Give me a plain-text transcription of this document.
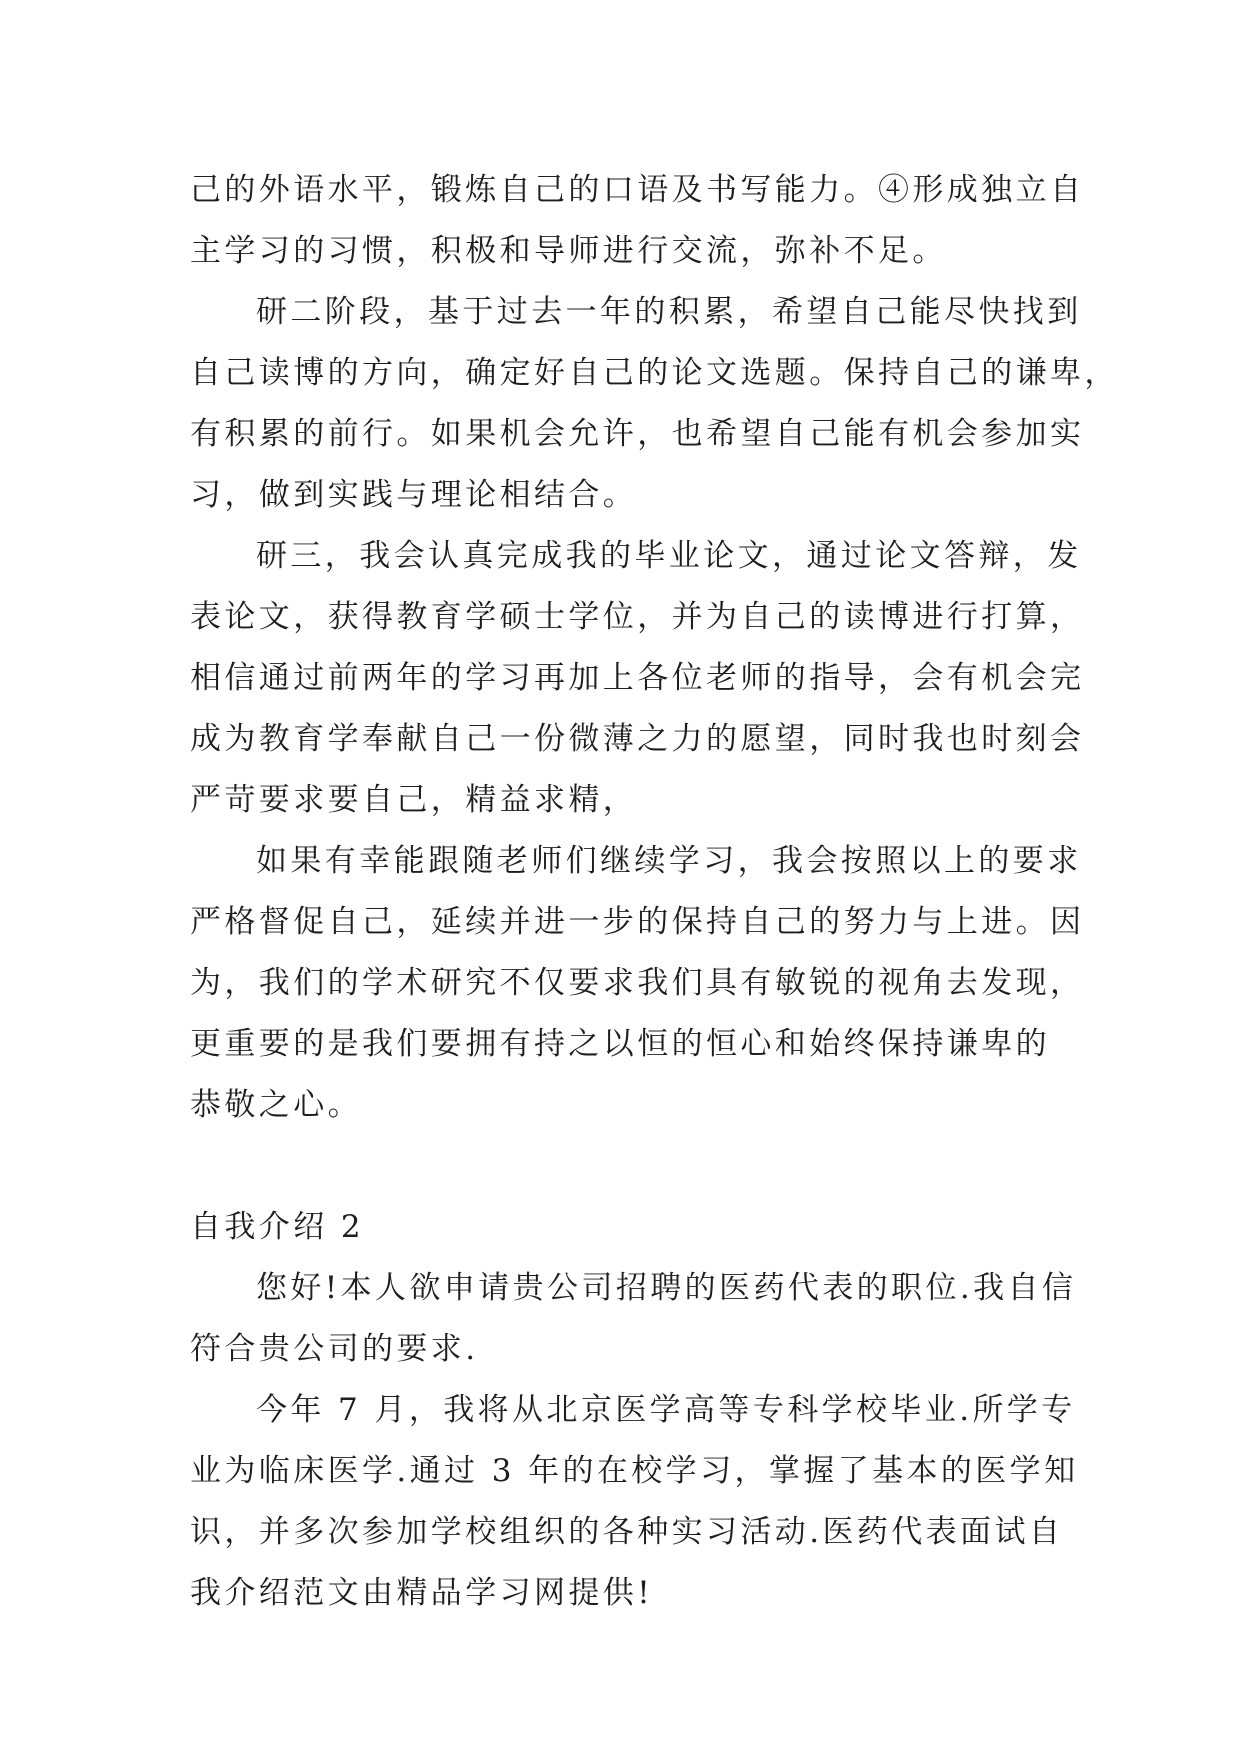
己的外语水平，锻炼自己的口语及书写能力。④形成独立自
主学习的习惯，积极和导师进行交流，弥补不足。
研二阶段，基于过去一年的积累，希望自己能尽快找到
自己读博的方向，确定好自己的论文选题。保持自己的谦卑，
有积累的前行。如果机会允许，也希望自己能有机会参加实
习，做到实践与理论相结合。
研三，我会认真完成我的毕业论文，通过论文答辩，发
表论文，获得教育学硕士学位，并为自己的读博进行打算，
相信通过前两年的学习再加上各位老师的指导，会有机会完
成为教育学奉献自己一份微薄之力的愿望，同时我也时刻会
严苛要求要自己，精益求精，
如果有幸能跟随老师们继续学习，我会按照以上的要求
严格督促自己，延续并进一步的保持自己的努力与上进。因
为，我们的学术研究不仅要求我们具有敏锐的视角去发现，
更重要的是我们要拥有持之以恒的恒心和始终保持谦卑的
恭敬之心。
自我介绍 2
您好!本人欲申请贵公司招聘的医药代表的职位.我自信
符合贵公司的要求.
今年 7 月，我将从北京医学高等专科学校毕业.所学专
业为临床医学.通过 3 年的在校学习，掌握了基本的医学知
识，并多次参加学校组织的各种实习活动.医药代表面试自
我介绍范文由精品学习网提供!
